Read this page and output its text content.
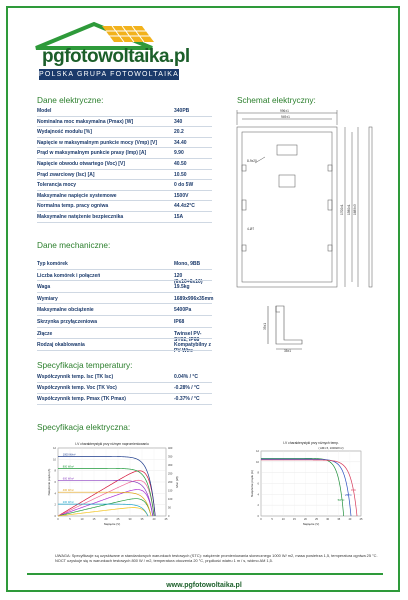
pgfotowoltaika.pl
POLSKA GRUPA FOTOWOLTAIKA
Dane elektryczne:
Model	340PB
Nominalna moc maksymalna (Pmax) [W]	340
Wydajność modułu [%]	20.2
Napięcie w maksymalnym punkcie mocy (Vmp) [V]	34.40
Prąd w maksymalnym punkcie prasy (Imp) [A]	9.90
Napięcie obwodu otwartego (Voc) [V]	40.50
Prąd zwarciowy (Isc) [A]	10.50
Tolerancja mocy	0 do 5W
Maksymalne napięcie systemowe	1500V
Normalna temp. pracy ogniwa	44.4±2°C
Maksymalne natężenie bezpiecznika	15A
Schemat elektryczny:
996±1
949±1
1700±1 1580±1 1689±3
8-9x20
4-Ø7
35±1
35±1
Dane mechaniczne:
Typ komórek	Mono, 9BB
Liczba komórek i połączeń	120 (6x10+6x10)
Waga	19.5kg
Wymiary	1689x996x35mm
Maksymalne obciążenie	5400Pa
Skrzynka przyłączeniowa	IP68
Złącze	Twinsel PV-SY02, IP68
Rodzaj okablowania	Kompatybilny z PV Wire
Specyfikacja temperatury:
Współczynnik temp. Isc (TK Isc)	0.04% / °C
Współczynnik temp. Voc (TK Voc)	-0.28% / °C
Współczynnik temp. Pmax (TK Pmax)	-0.37% / °C
Specyfikacja elektryczna:
0
2
4
6
8
10
12
0	5	10	15	20	25	30	35	40	45
I-V charakterystyki przy różnym napromieniowaniu
Napięcie (V)
Natężenie prądu (A)
0
50
100
150
200
250
300
350
400
Moc (W)
1000 W/m²
800 W/m²
600 W/m²
400 W/m²
200 W/m²
0
2
4
6
8
10
12
0	5	10	15	20	25	30	35	40	45
I-V charakterystyki przy różnych temp.
( AM1.5, 1000W/m²)
Napięcie (V)
Natężenie prądu (A)
50°C
25°C
0°C
UWAGA: Specyfikacje są uzyskiwane w standardowych warunkach testowych (STC): natężenie promieniowania słonecznego 1000 W/ m2, masa powietrza 1,5, temperatura ogniwa 25 °C. NOCT uzyskuje się w warunkach testowych 800 W / m2, temperatura otoczenia 20 °C, prędkość wiatru 1 m / s, widmo AM 1,5.
www.pgfotowoltaika.pl
